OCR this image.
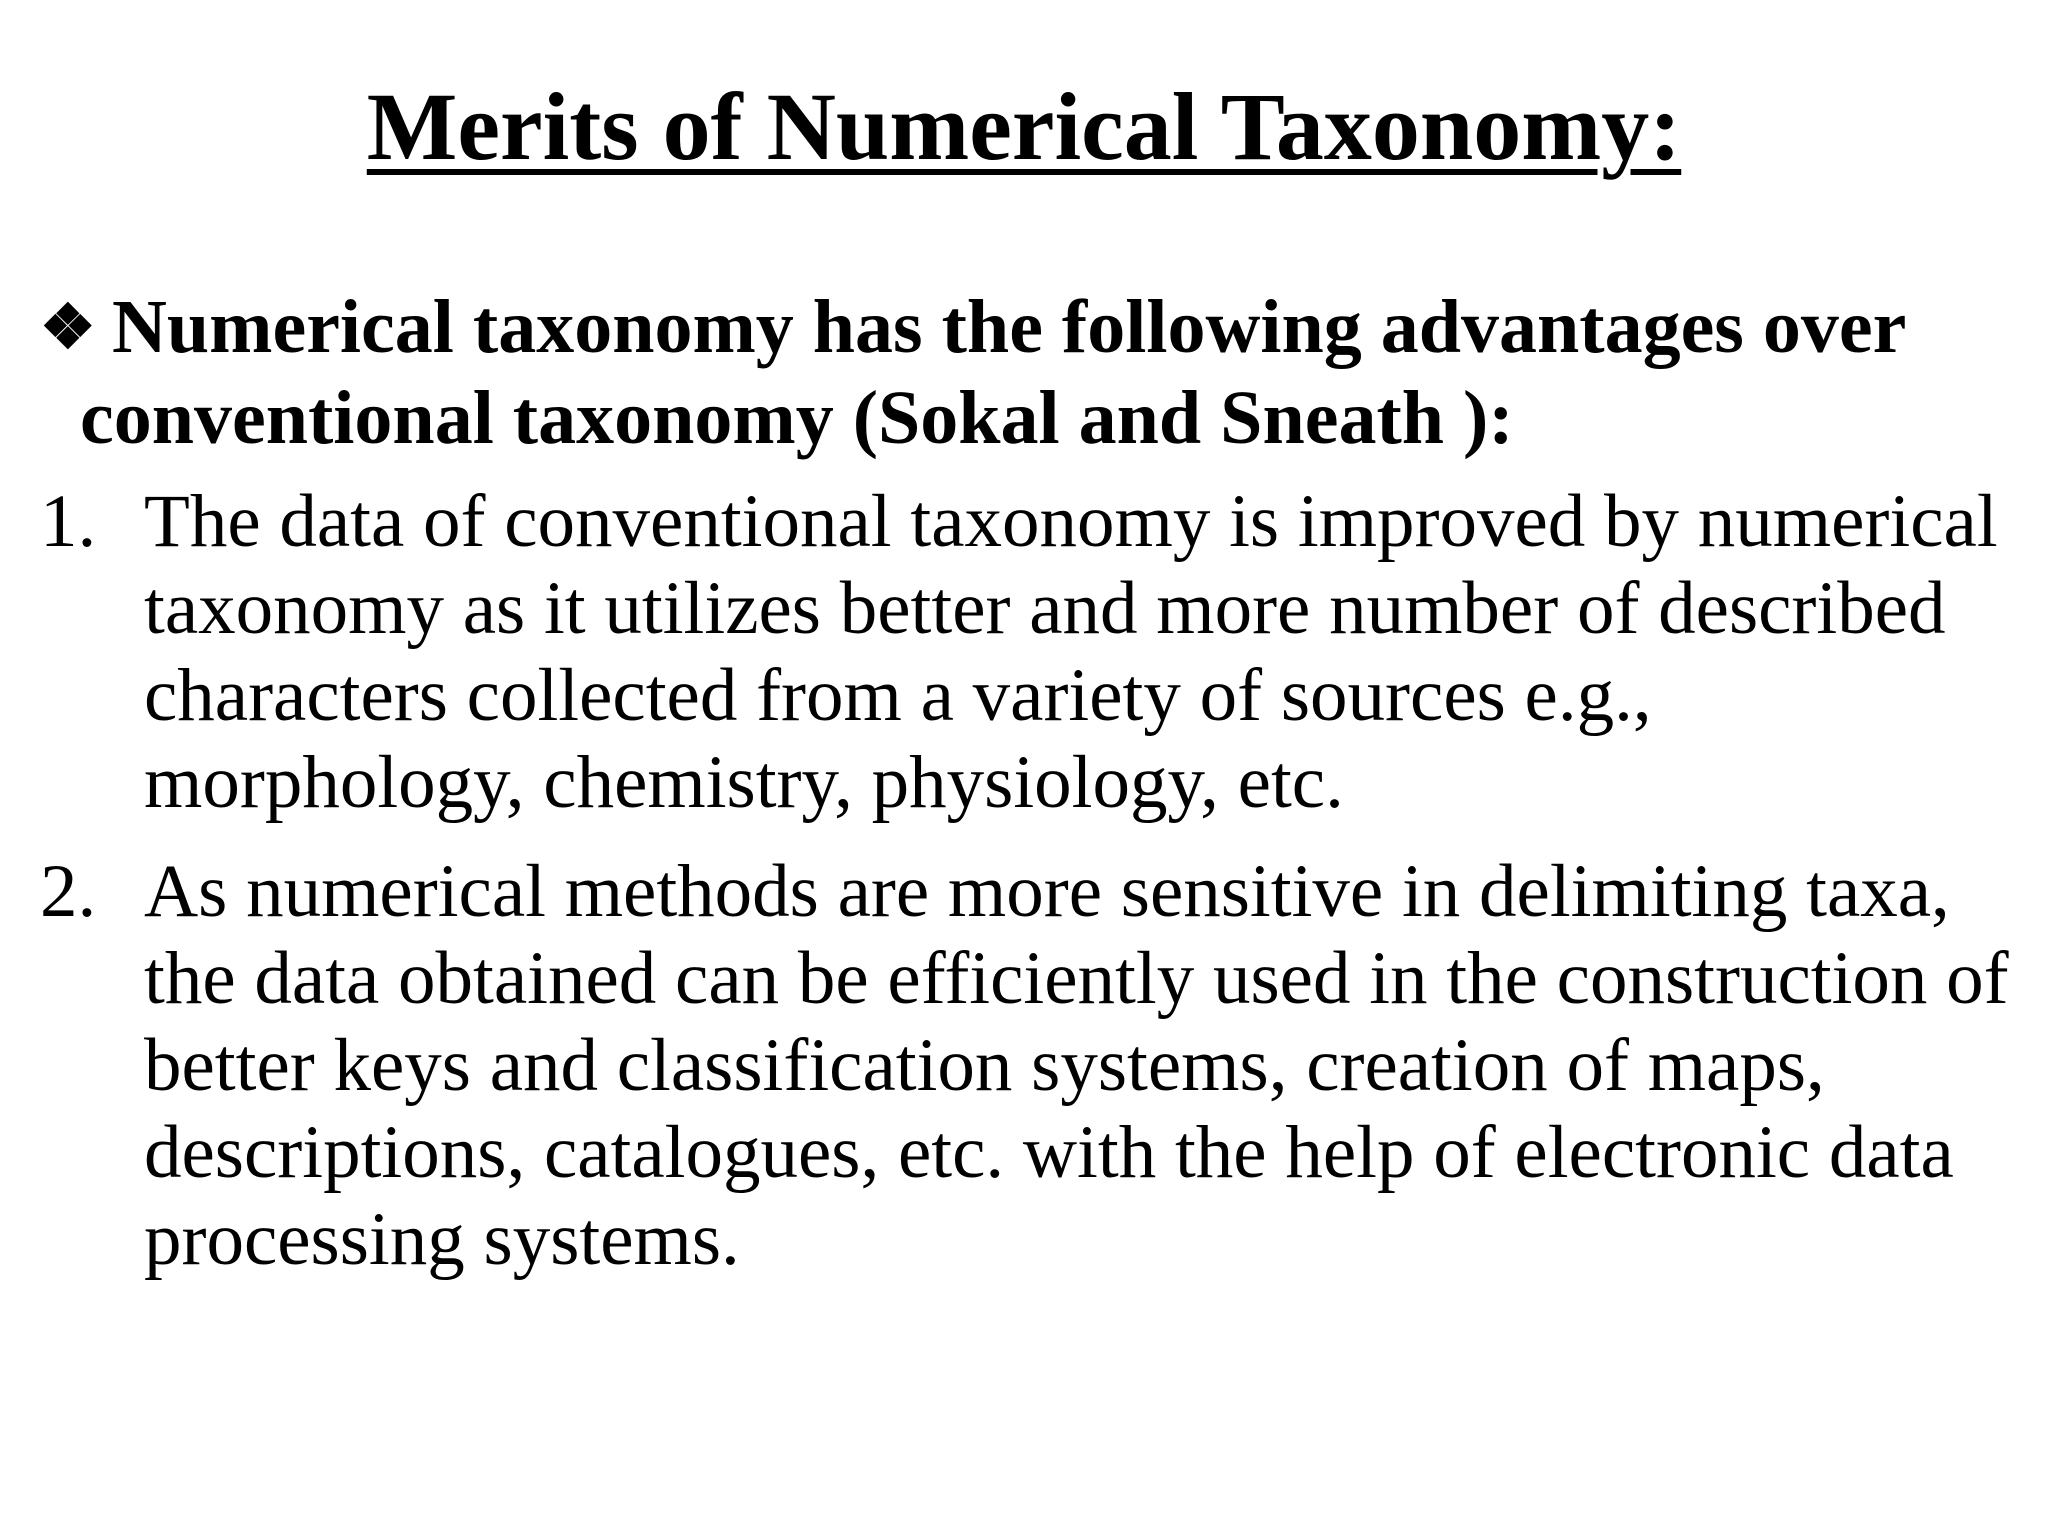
Merits of Numerical Taxonomy:

❖ Numerical taxonomy has the following advantages over
conventional taxonomy (Sokal and Sneath ):

1. The data of conventional taxonomy is improved by numerical taxonomy as it utilizes better and more number of described characters collected from a variety of sources e.g., morphology, chemistry, physiology, etc.
2. As numerical methods are more sensitive in delimiting taxa, the data obtained can be efficiently used in the construction of better keys and classification systems, creation of maps, descriptions, catalogues, etc. with the help of electronic data processing systems.
